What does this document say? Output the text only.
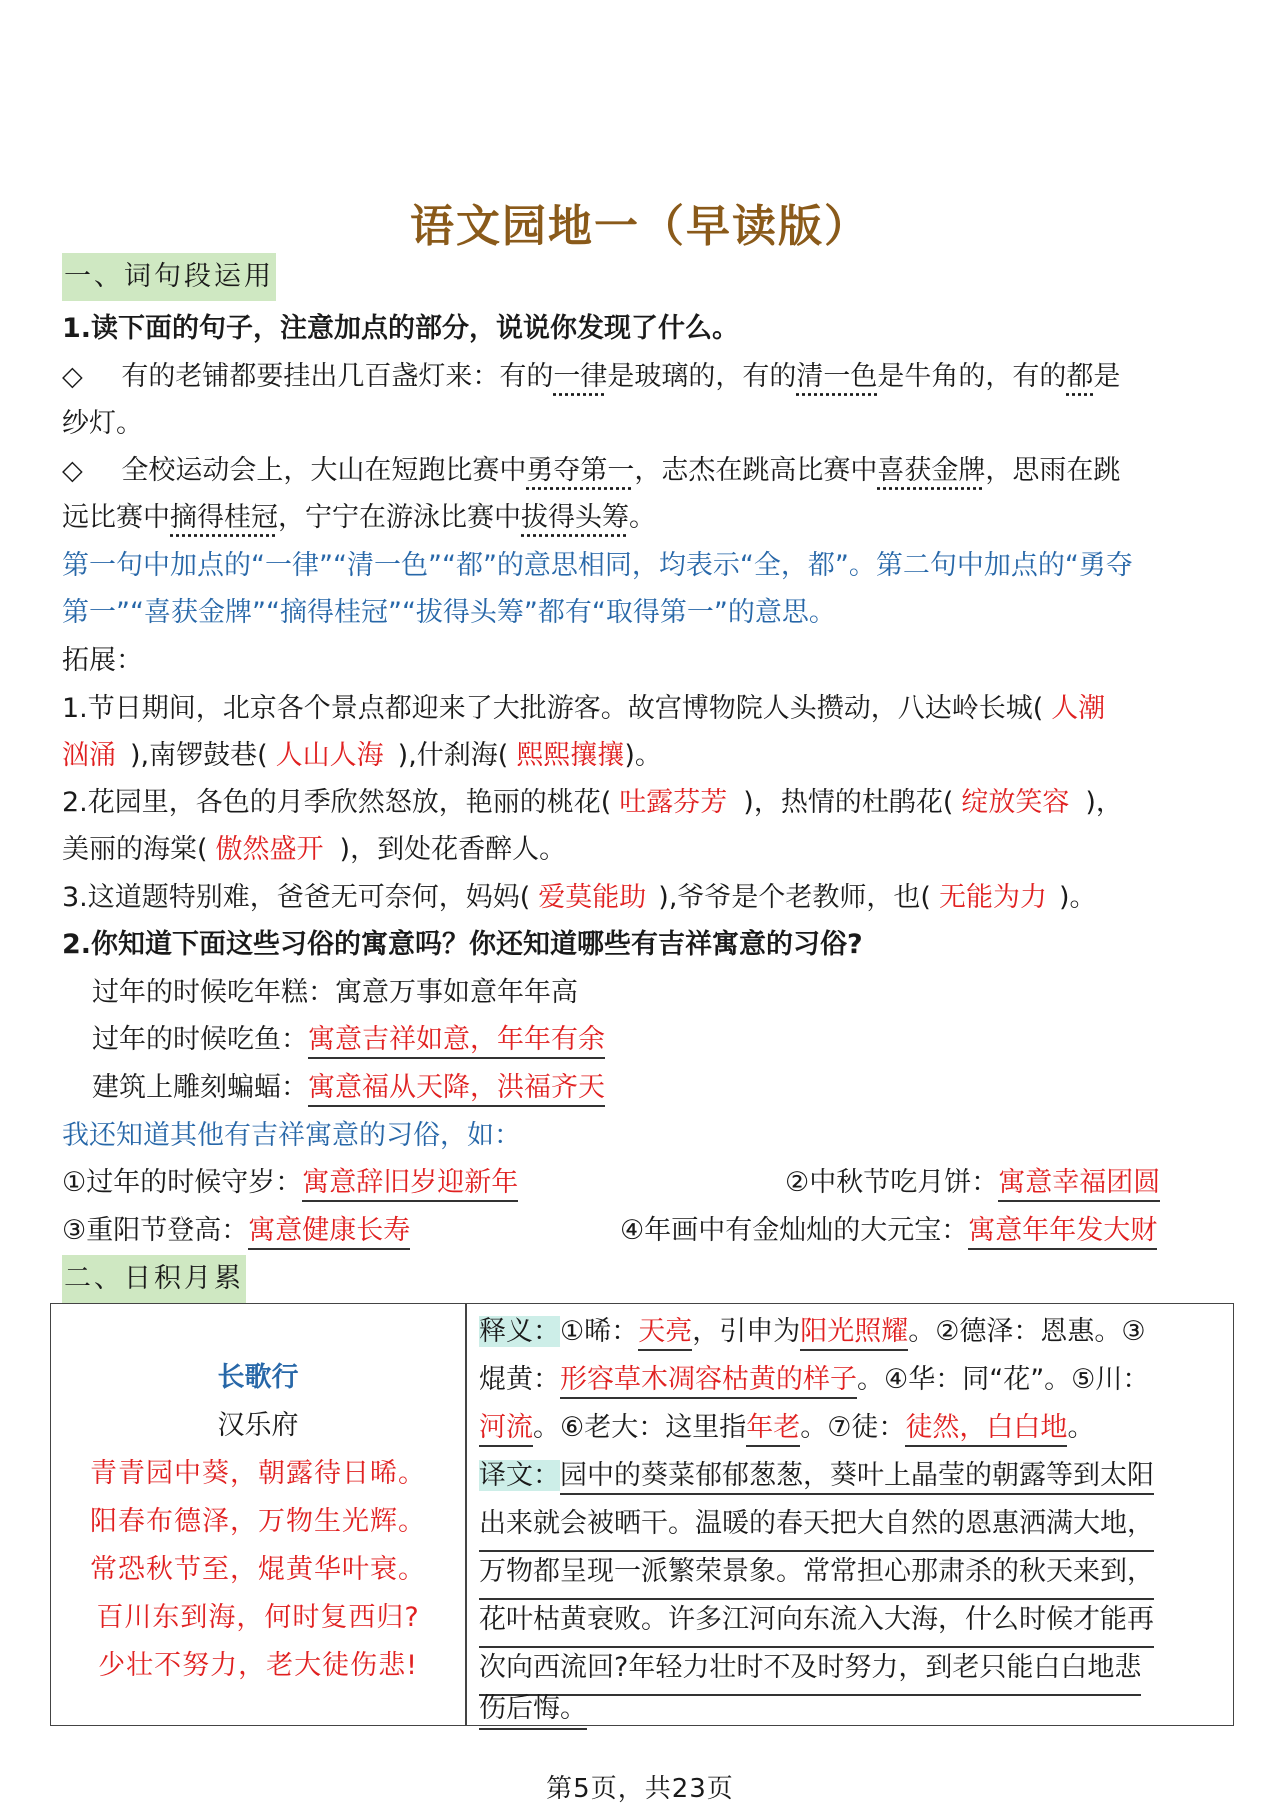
语文园地一（早读版）
一、词句段运用
1.读下面的句子，注意加点的部分，说说你发现了什么。
◇ 有的老铺都要挂出几百盏灯来：有的一律是玻璃的，有的清一色是牛角的，有的都是
纱灯。
◇ 全校运动会上，大山在短跑比赛中勇夺第一，志杰在跳高比赛中喜获金牌，思雨在跳
远比赛中摘得桂冠，宁宁在游泳比赛中拔得头筹。
第一句中加点的“一律”“清一色”“都”的意思相同，均表示“全，都”。第二句中加点的“勇夺
第一”“喜获金牌”“摘得桂冠”“拔得头筹”都有“取得第一”的意思。
拓展：
1.节日期间，北京各个景点都迎来了大批游客。故宫博物院人头攒动，八达岭长城( 人潮
汹涌 ),南锣鼓巷( 人山人海 ),什刹海( 熙熙攘攘)。
2.花园里，各色的月季欣然怒放，艳丽的桃花( 吐露芬芳 )，热情的杜鹃花( 绽放笑容 )，
美丽的海棠( 傲然盛开 )，到处花香醉人。
3.这道题特别难，爸爸无可奈何，妈妈( 爱莫能助 ),爷爷是个老教师，也( 无能为力 )。
2.你知道下面这些习俗的寓意吗？你还知道哪些有吉祥寓意的习俗?
过年的时候吃年糕：寓意万事如意年年高
过年的时候吃鱼：寓意吉祥如意，年年有余
建筑上雕刻蝙蝠：寓意福从天降，洪福齐天
我还知道其他有吉祥寓意的习俗，如：
①过年的时候守岁：寓意辞旧岁迎新年	②中秋节吃月饼：寓意幸福团圆
③重阳节登高：寓意健康长寿	④年画中有金灿灿的大元宝：寓意年年发大财
二、日积月累
长歌行
汉乐府
青青园中葵，朝露待日晞。
阳春布德泽，万物生光辉。
常恐秋节至，焜黄华叶衰。
百川东到海，何时复西归?
少壮不努力，老大徒伤悲!
释义：①晞：天亮，引申为阳光照耀。②德泽：恩惠。③
焜黄：形容草木凋容枯黄的样子。④华：同“花”。⑤川：
河流。⑥老大：这里指年老。⑦徒：徒然，白白地。
译文：园中的葵菜郁郁葱葱，葵叶上晶莹的朝露等到太阳
出来就会被晒干。温暖的春天把大自然的恩惠洒满大地，
万物都呈现一派繁荣景象。常常担心那肃杀的秋天来到，
花叶枯黄衰败。许多江河向东流入大海，什么时候才能再
次向西流回?年轻力壮时不及时努力，到老只能白白地悲
伤后悔。
第5页，共23页
